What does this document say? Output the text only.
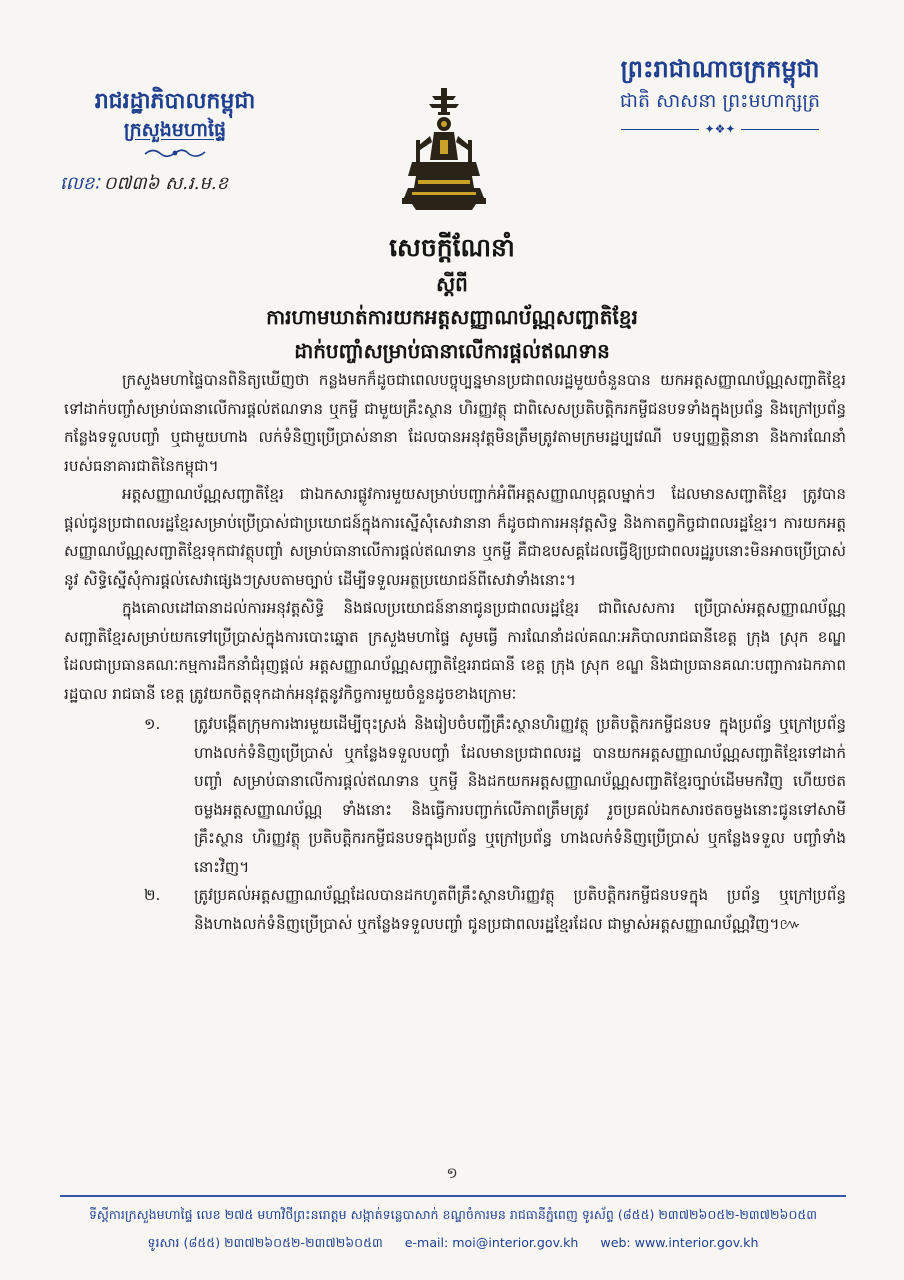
រាជរដ្ឋាភិបាលកម្ពុជា
ក្រសួងមហាផ្ទៃ
លេខៈ ០៧៣៦ ស.រ.ម.ខ
ព្រះរាជាណាចក្រកម្ពុជា
ជាតិ សាសនា ព្រះមហាក្សត្រ
✦❖✦
សេចក្តីណែនាំ
ស្តីពី
ការហាមឃាត់ការយកអត្តសញ្ញាណប័ណ្ណសញ្ជាតិខ្មែរ
ដាក់បញ្ចាំសម្រាប់ធានាលើការផ្តល់ឥណទាន

ក្រសួងមហាផ្ទៃបានពិនិត្យឃើញថា កន្លងមកក៏ដូចជាពេលបច្ចុប្បន្នមានប្រជាពលរដ្ឋមួយចំនួនបាន យកអត្តសញ្ញាណប័ណ្ណសញ្ជាតិខ្មែរទៅដាក់បញ្ចាំសម្រាប់ធានាលើការផ្តល់ឥណទាន ឬកម្ចី ជាមួយគ្រឹះស្ថាន ហិរញ្ញវត្ថុ ជាពិសេសប្រតិបត្តិករកម្ចីជនបទទាំងក្នុងប្រព័ន្ធ និងក្រៅប្រព័ន្ធ កន្លែងទទួលបញ្ចាំ ឬជាមួយហាង លក់ទំនិញប្រើប្រាស់នានា ដែលបានអនុវត្តមិនត្រឹមត្រូវតាមក្រមរដ្ឋប្បវេណី បទប្បញ្ញត្តិនានា និងការណែនាំ របស់ធនាគារជាតិនៃកម្ពុជា។

អត្តសញ្ញាណប័ណ្ណសញ្ជាតិខ្មែរ ជាឯកសារផ្លូវការមួយសម្រាប់បញ្ជាក់អំពីអត្តសញ្ញាណបុគ្គលម្នាក់ៗ ដែលមានសញ្ជាតិខ្មែរ ត្រូវបានផ្តល់ជូនប្រជាពលរដ្ឋខ្មែរសម្រាប់ប្រើប្រាស់ជាប្រយោជន៍ក្នុងការស្នើសុំសេវានានា ក៏ដូចជាការអនុវត្តសិទ្ធ និងកាតព្វកិច្ចជាពលរដ្ឋខ្មែរ។ ការយកអត្តសញ្ញាណប័ណ្ណសញ្ជាតិខ្មែរទុកជាវត្ថុបញ្ចាំ សម្រាប់ធានាលើការផ្តល់ឥណទាន ឬកម្ចី គឺជាឧបសគ្គដែលធ្វើឱ្យប្រជាពលរដ្ឋរូបនោះមិនអាចប្រើប្រាស់នូវ សិទ្ធិស្នើសុំការផ្តល់សេវាផ្សេងៗស្របតាមច្បាប់ ដើម្បីទទួលអត្ថប្រយោជន៍ពីសេវាទាំងនោះ។

ក្នុងគោលដៅធានាដល់ការអនុវត្តសិទ្ធិ និងផលប្រយោជន៍នានាជូនប្រជាពលរដ្ឋខ្មែរ ជាពិសេសការ ប្រើប្រាស់អត្តសញ្ញាណប័ណ្ណសញ្ជាតិខ្មែរសម្រាប់យកទៅប្រើប្រាស់ក្នុងការបោះឆ្នោត ក្រសួងមហាផ្ទៃ សូមធ្វើ ការណែនាំដល់គណៈអភិបាលរាជធានីខេត្ត ក្រុង ស្រុក ខណ្ឌ ដែលជាប្រធានគណៈកម្មការដឹកនាំជំរុញផ្តល់ អត្តសញ្ញាណប័ណ្ណសញ្ជាតិខ្មែររាជធានី ខេត្ត ក្រុង ស្រុក ខណ្ឌ និងជាប្រធានគណៈបញ្ជាការឯកភាពរដ្ឋបាល រាជធានី ខេត្ត ត្រូវយកចិត្តទុកដាក់អនុវត្តនូវកិច្ចការមួយចំនួនដូចខាងក្រោមៈ

១. ត្រូវបង្កើតក្រុមការងារមួយដើម្បីចុះស្រង់ និងរៀបចំបញ្ជីគ្រឹះស្ថានហិរញ្ញវត្ថុ ប្រតិបត្តិករកម្ចីជនបទ ក្នុងប្រព័ន្ធ ឬក្រៅប្រព័ន្ធ ហាងលក់ទំនិញប្រើប្រាស់ ឬកន្លែងទទួលបញ្ចាំ ដែលមានប្រជាពលរដ្ឋ បានយកអត្តសញ្ញាណប័ណ្ណសញ្ជាតិខ្មែរទៅដាក់បញ្ចាំ សម្រាប់ធានាលើការផ្តល់ឥណទាន ឬកម្ចី និងដកយកអត្តសញ្ញាណប័ណ្ណសញ្ជាតិខ្មែរច្បាប់ដើមមកវិញ ហើយថតចម្លងអត្តសញ្ញាណប័ណ្ណ ទាំងនោះ និងធ្វើការបញ្ជាក់លើភាពត្រឹមត្រូវ រួចប្រគល់ឯកសារថតចម្លងនោះជូនទៅសាមីគ្រឹះស្ថាន ហិរញ្ញវត្ថុ ប្រតិបត្តិករកម្ចីជនបទក្នុងប្រព័ន្ធ ឬក្រៅប្រព័ន្ធ ហាងលក់ទំនិញប្រើប្រាស់ ឬកន្លែងទទួល បញ្ចាំទាំងនោះវិញ។
២. ត្រូវប្រគល់អត្តសញ្ញាណប័ណ្ណដែលបានដកហូតពីគ្រឹះស្ថានហិរញ្ញវត្ថុ ប្រតិបត្តិករកម្ចីជនបទក្នុង ប្រព័ន្ធ ឬក្រៅប្រព័ន្ធ និងហាងលក់ទំនិញប្រើប្រាស់ ឬកន្លែងទទួលបញ្ចាំ ជូនប្រជាពលរដ្ឋខ្មែរដែល ជាម្ចាស់អត្តសញ្ញាណប័ណ្ណវិញ។៚
១
ទីស្តីការក្រសួងមហាផ្ទៃ លេខ ២៧៥ មហាវិថីព្រះនរោត្តម សង្កាត់ទន្លេបាសាក់ ខណ្ឌចំការមន រាជធានីភ្នំពេញ ទូរស័ព្ទ (៨៥៥) ២៣៧២៦០៥២-២៣៧២៦០៥៣
ទូរសារ (៨៥៥) ២៣៧២៦០៥២-២៣៧២៦០៥៣ e-mail: moi@interior.gov.kh web: www.interior.gov.kh
